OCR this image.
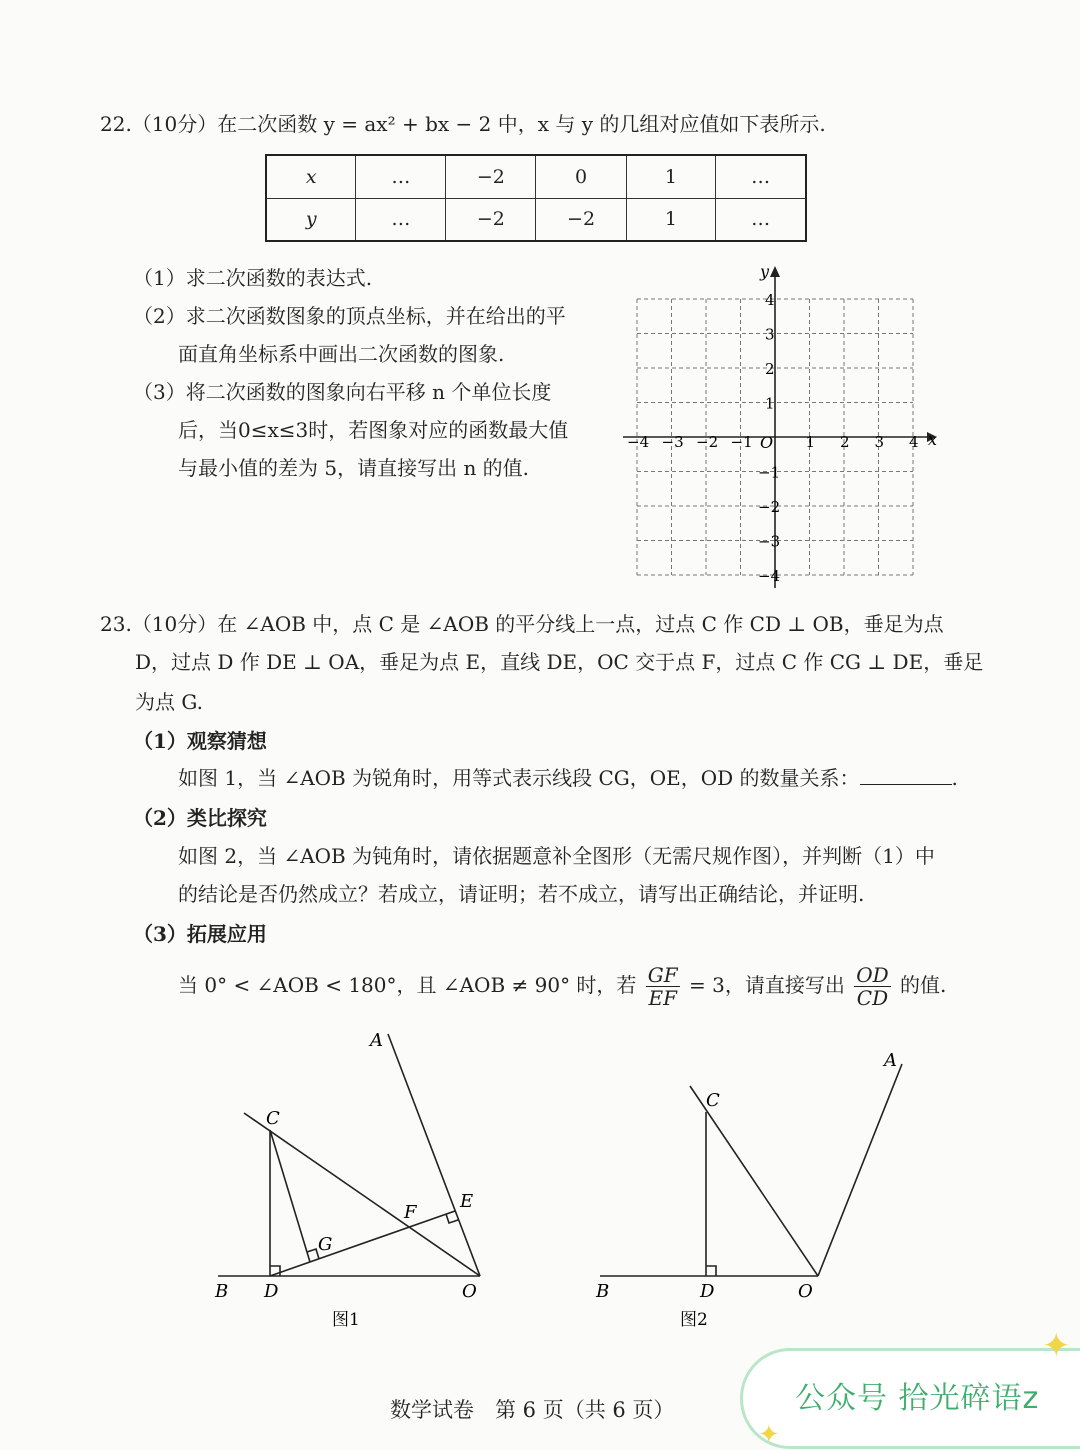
22.（10分）在二次函数 y = ax² + bx − 2 中，x 与 y 的几组对应值如下表所示.
x	…	−2	0	1	…
y	…	−2	−2	1	…
（1）求二次函数的表达式.
（2）求二次函数图象的顶点坐标，并在给出的平
面直角坐标系中画出二次函数的图象.
（3）将二次函数的图象向右平移 n 个单位长度
后，当0≤x≤3时，若图象对应的函数最大值
与最小值的差为 5，请直接写出 n 的值.
x
y
O
−4 −3 −2 −1	1 2 3 4
4
3
2
1
−1
−2
−3
−4
23.（10分）在 ∠AOB 中，点 C 是 ∠AOB 的平分线上一点，过点 C 作 CD ⊥ OB，垂足为点
D，过点 D 作 DE ⊥ OA，垂足为点 E，直线 DE，OC 交于点 F，过点 C 作 CG ⊥ DE，垂足
为点 G.
（1）观察猜想
如图 1，当 ∠AOB 为锐角时，用等式表示线段 CG，OE，OD 的数量关系：	.
（2）类比探究
如图 2，当 ∠AOB 为钝角时，请依据题意补全图形（无需尺规作图），并判断（1）中
的结论是否仍然成立？若成立，请证明；若不成立，请写出正确结论，并证明.
（3）拓展应用
当 0° < ∠AOB < 180°，且 ∠AOB ≠ 90° 时，若 $\frac{GF}{EF} = 3$，请直接写出 $\frac{OD}{CD}$ 的值.
A
B
C
D
E
F
G
O
图1
A
B
C
D	O
图2
数学试卷　第 6 页（共 6 页）	公众号 拾光碎语z
✦
✦
